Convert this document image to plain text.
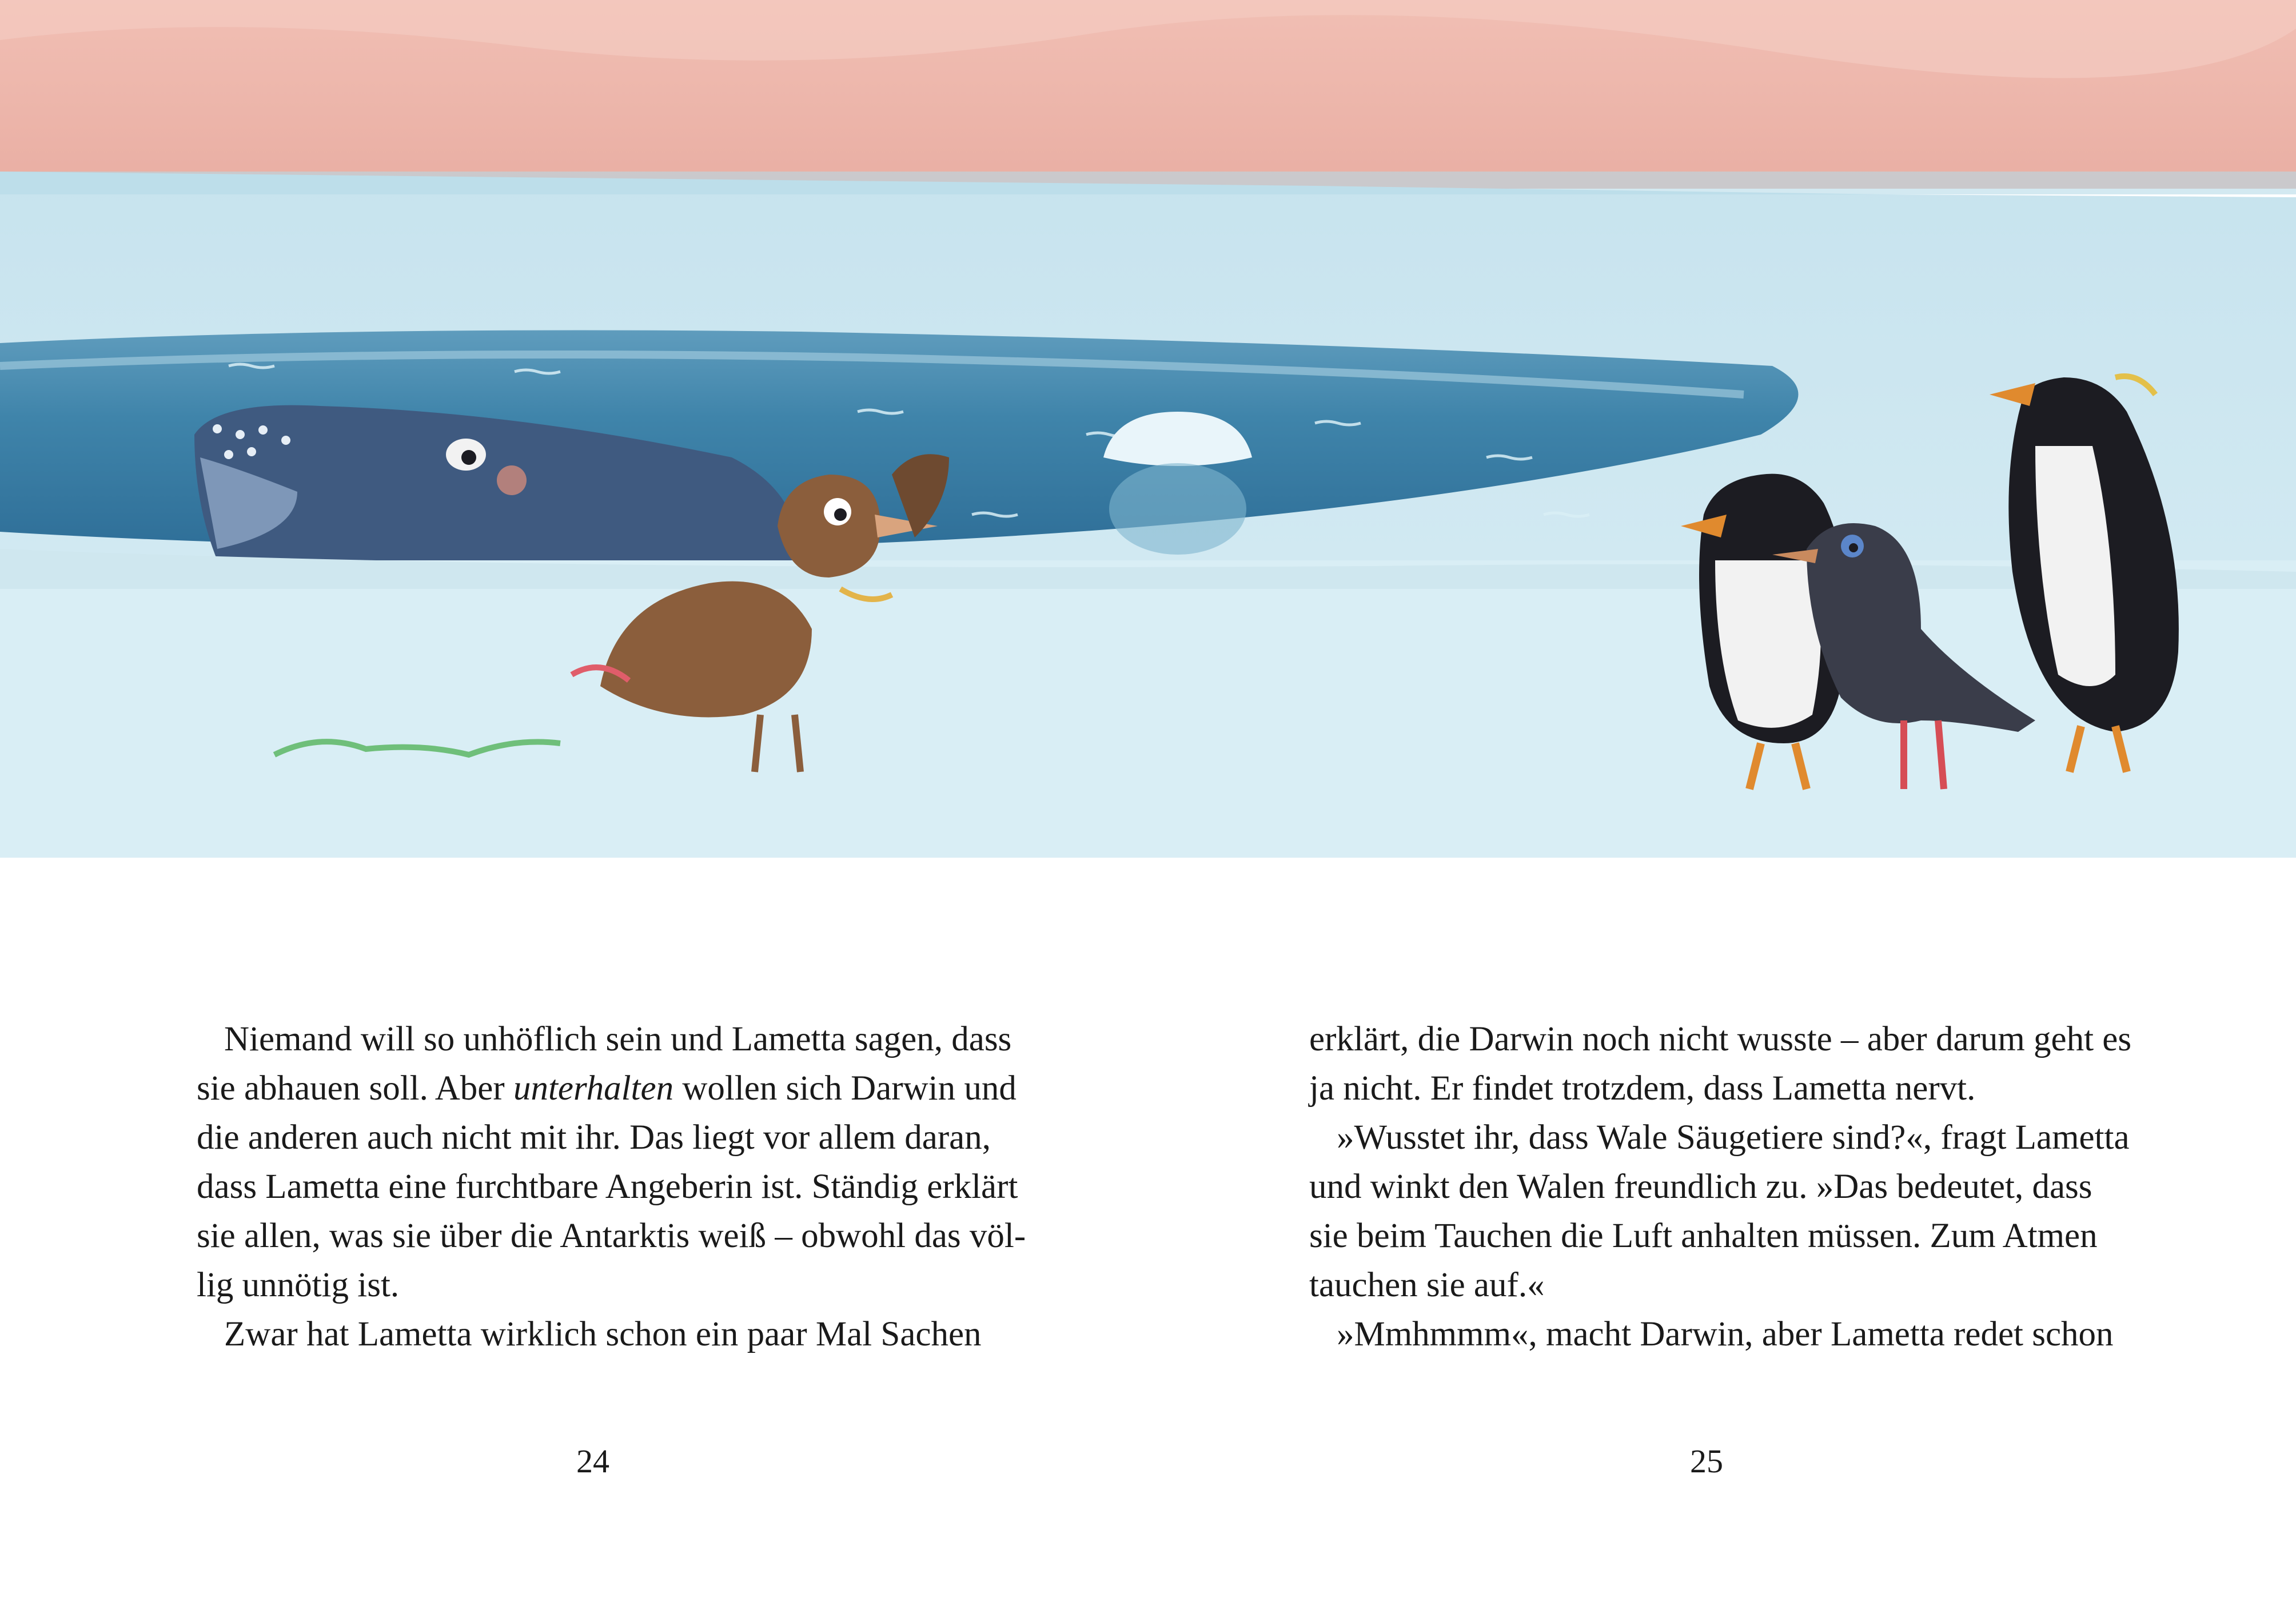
Niemand will so unhöflich sein und Lametta sagen, dass

sie abhauen soll. Aber unterhalten wollen sich Darwin und

die anderen auch nicht mit ihr. Das liegt vor allem daran,

dass Lametta eine furchtbare Angeberin ist. Ständig erklärt

sie allen, was sie über die Antarktis weiß – obwohl das völ-

lig unnötig ist.

Zwar hat Lametta wirklich schon ein paar Mal Sachen

erklärt, die Darwin noch nicht wusste – aber darum geht es

ja nicht. Er findet trotzdem, dass Lametta nervt.

»Wusstet ihr, dass Wale Säugetiere sind?«, fragt Lametta

und winkt den Walen freundlich zu. »Das bedeutet, dass

sie beim Tauchen die Luft anhalten müssen. Zum Atmen

tauchen sie auf.«

»Mmhmmm«, macht Darwin, aber Lametta redet schon

24	25
